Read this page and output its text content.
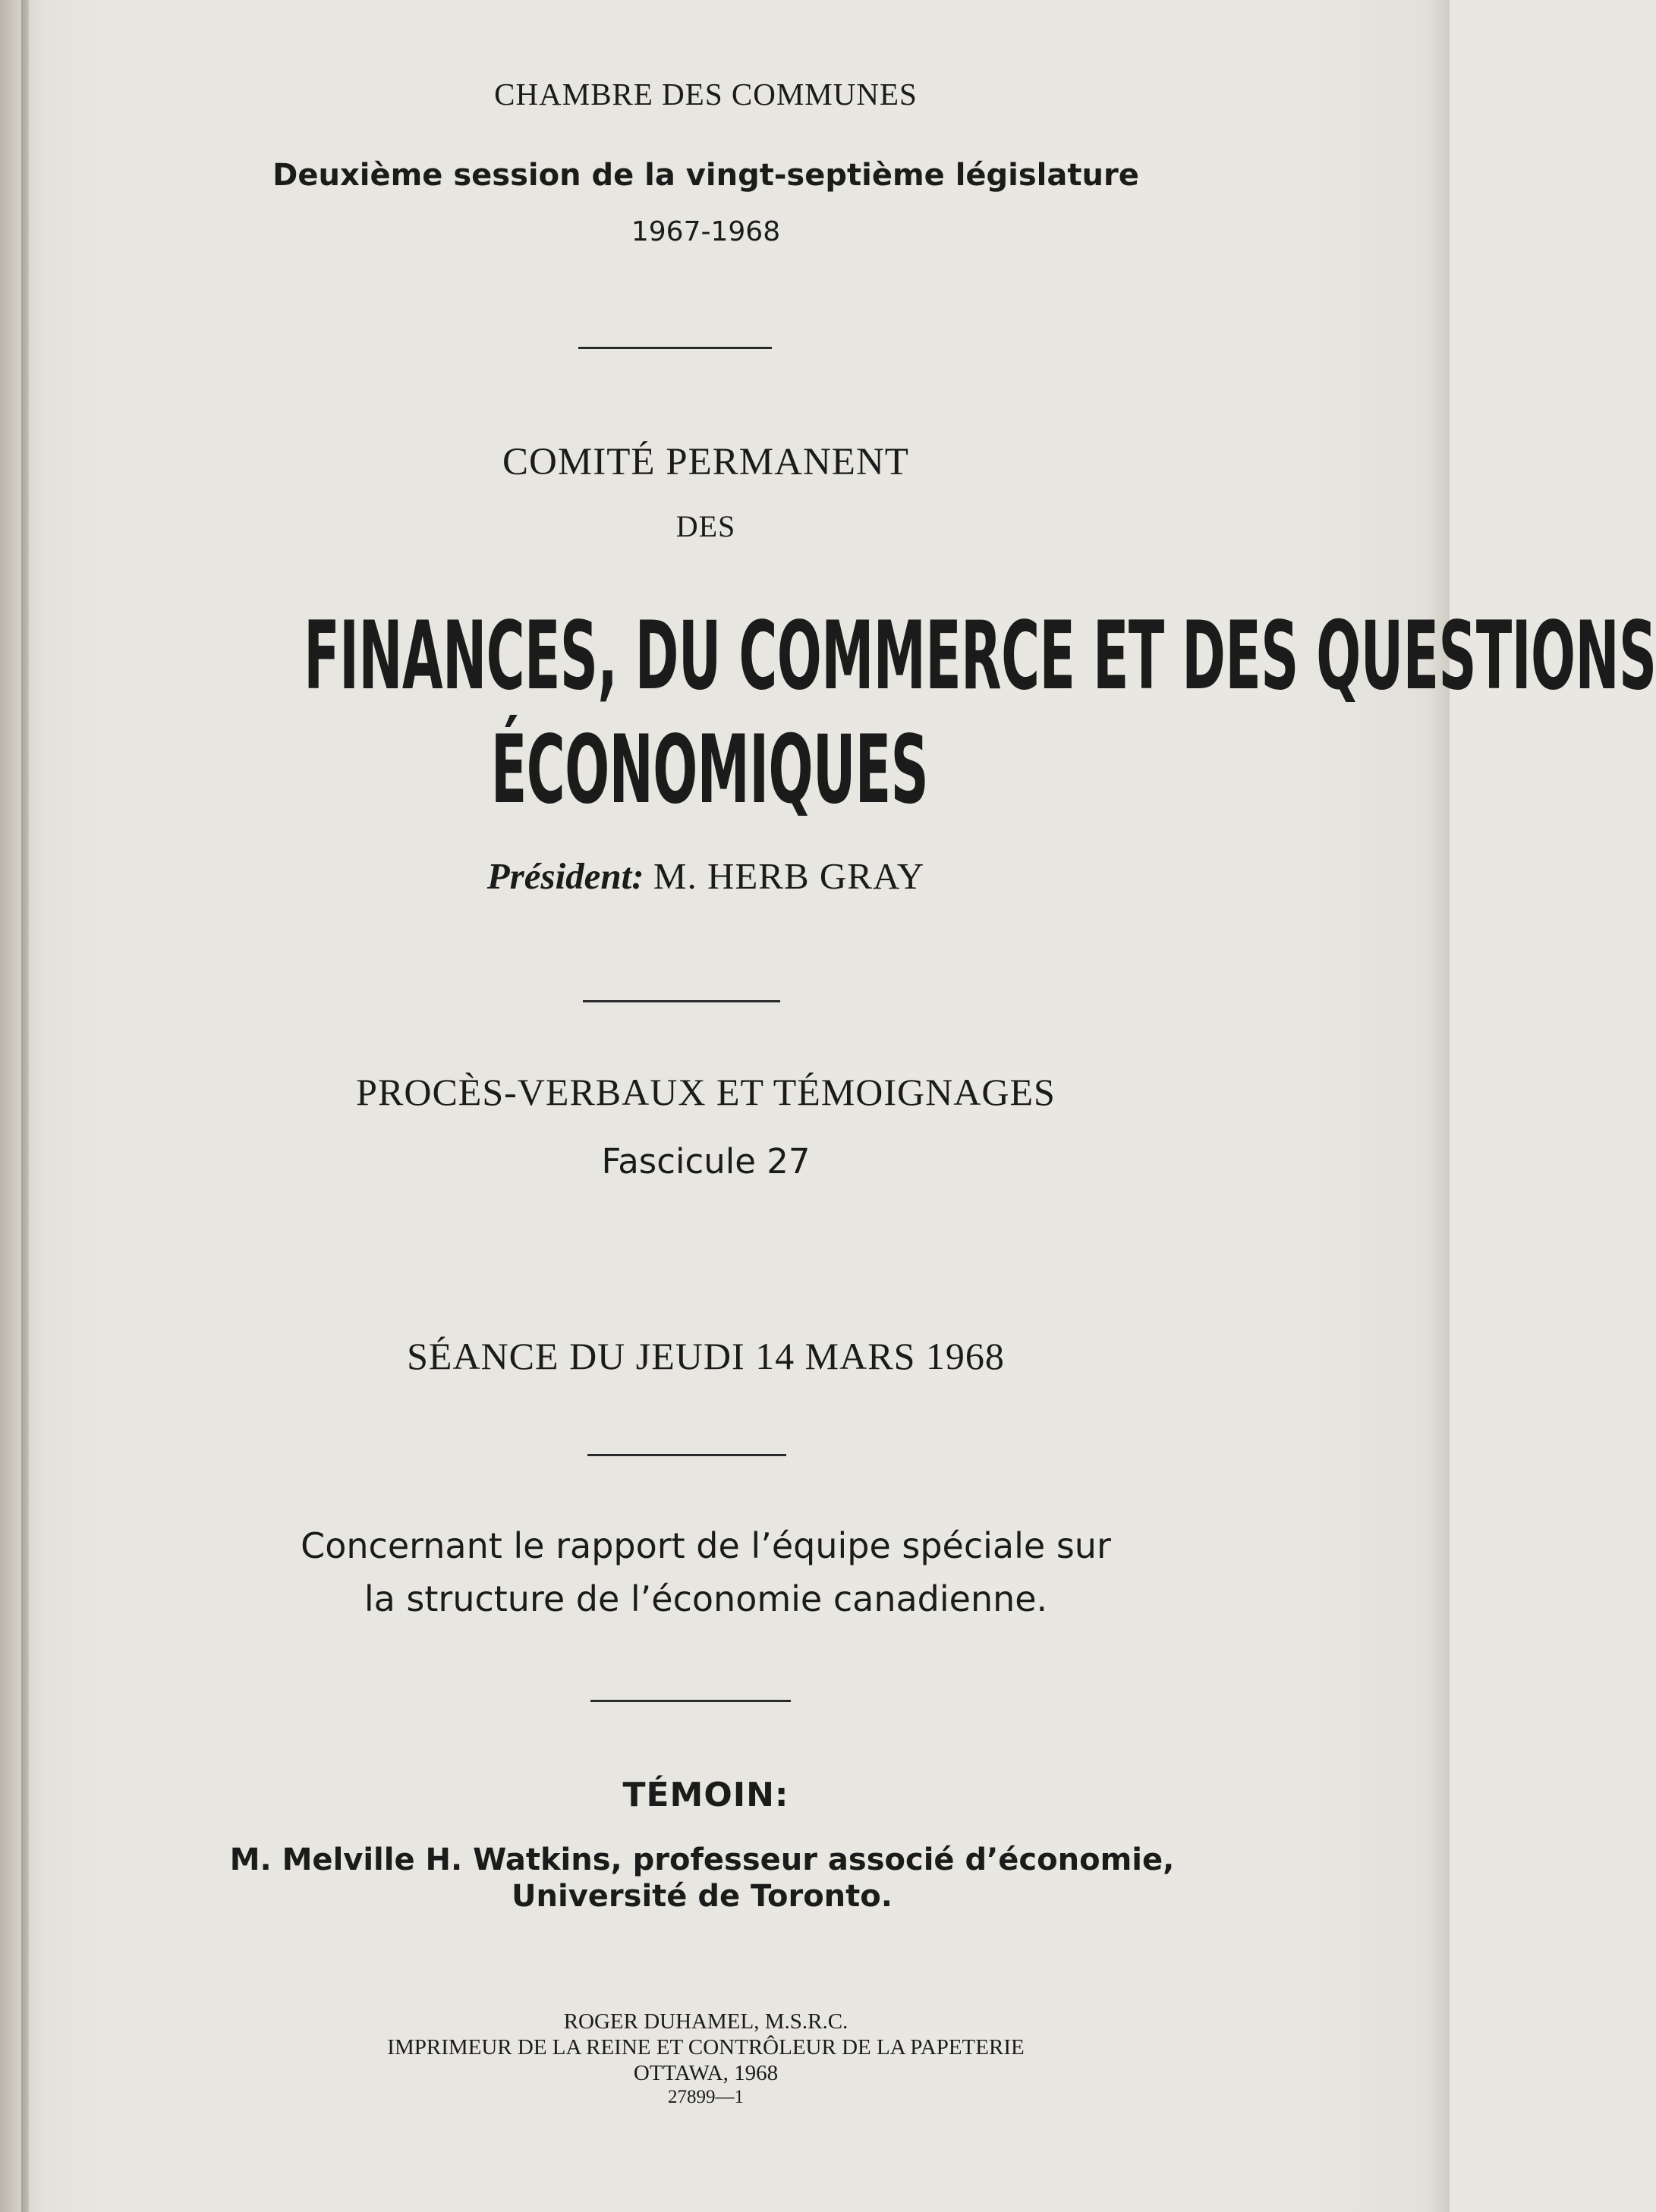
CHAMBRE DES COMMUNES
Deuxième session de la vingt-septième législature
1967-1968
COMITÉ PERMANENT
DES
FINANCES, DU COMMERCE ET DES QUESTIONS
ÉCONOMIQUES
Président: M. HERB GRAY
PROCÈS-VERBAUX ET TÉMOIGNAGES
Fascicule 27
SÉANCE DU JEUDI 14 MARS 1968
Concernant le rapport de l’équipe spéciale sur
la structure de l’économie canadienne.
TÉMOIN:
M. Melville H. Watkins, professeur associé d’économie,
Université de Toronto.
ROGER DUHAMEL, M.S.R.C.
IMPRIMEUR DE LA REINE ET CONTRÔLEUR DE LA PAPETERIE
OTTAWA, 1968
27899—1
